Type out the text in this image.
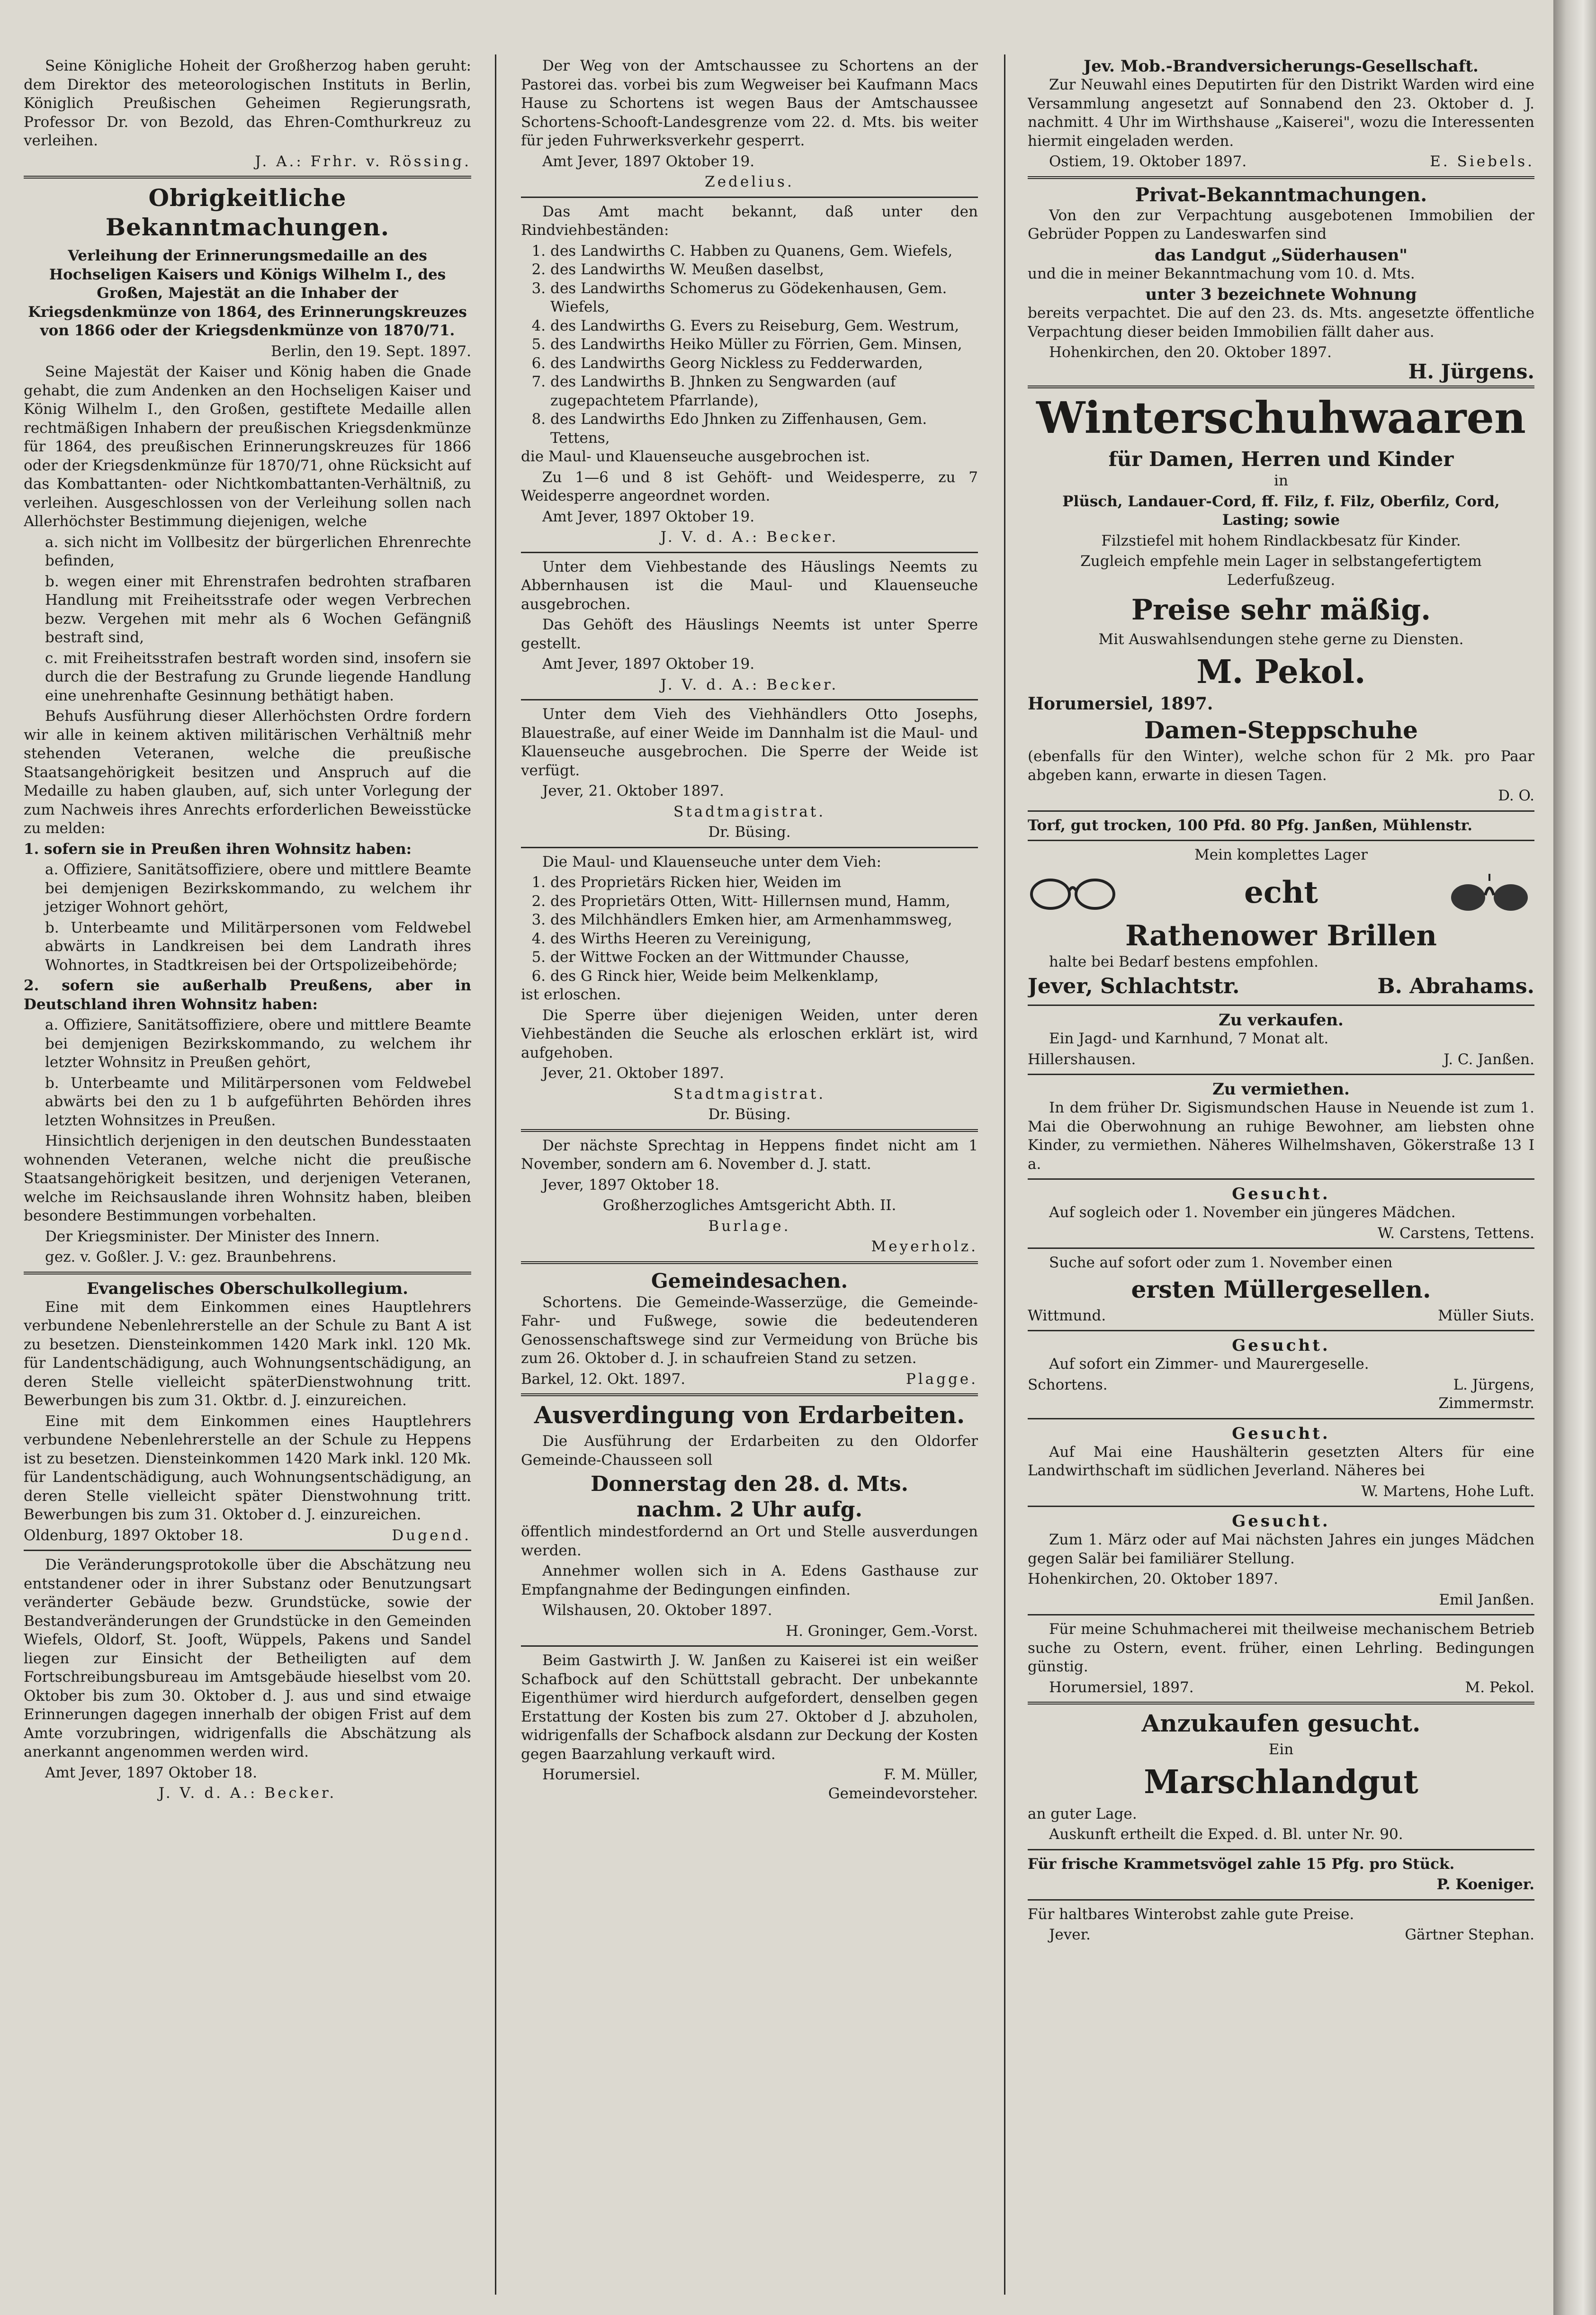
Seine Königliche Hoheit der Großherzog haben geruht: dem Direktor des meteorologischen Instituts in Berlin, Königlich Preußischen Geheimen Regierungsrath, Professor Dr. von Bezold, das Ehren-Comthurkreuz zu verleihen.

J. A.: Frhr. v. Rössing.

Obrigkeitliche Bekanntmachungen.

Verleihung der Erinnerungsmedaille an des Hochseligen Kaisers und Königs Wilhelm I., des Großen, Majestät an die Inhaber der Kriegsdenkmünze von 1864, des Erinnerungskreuzes von 1866 oder der Kriegsdenkmünze von 1870/71.

Berlin, den 19. Sept. 1897.

Seine Majestät der Kaiser und König haben die Gnade gehabt, die zum Andenken an den Hochseligen Kaiser und König Wilhelm I., den Großen, gestiftete Medaille allen rechtmäßigen Inhabern der preußischen Kriegsdenkmünze für 1864, des preußischen Erinnerungskreuzes für 1866 oder der Kriegsdenkmünze für 1870/71, ohne Rücksicht auf das Kombattanten- oder Nichtkombattanten-Verhältniß, zu verleihen. Ausgeschlossen von der Verleihung sollen nach Allerhöchster Bestimmung diejenigen, welche

a. sich nicht im Vollbesitz der bürgerlichen Ehrenrechte befinden,

b. wegen einer mit Ehrenstrafen bedrohten strafbaren Handlung mit Freiheitsstrafe oder wegen Verbrechen bezw. Vergehen mit mehr als 6 Wochen Gefängniß bestraft sind,

c. mit Freiheitsstrafen bestraft worden sind, insofern sie durch die der Bestrafung zu Grunde liegende Handlung eine unehrenhafte Gesinnung bethätigt haben.

Behufs Ausführung dieser Allerhöchsten Ordre fordern wir alle in keinem aktiven militärischen Verhältniß mehr stehenden Veteranen, welche die preußische Staatsangehörigkeit besitzen und Anspruch auf die Medaille zu haben glauben, auf, sich unter Vorlegung der zum Nachweis ihres Anrechts erforderlichen Beweisstücke zu melden:

1. sofern sie in Preußen ihren Wohnsitz haben:

a. Offiziere, Sanitätsoffiziere, obere und mittlere Beamte bei demjenigen Bezirkskommando, zu welchem ihr jetziger Wohnort gehört,

b. Unterbeamte und Militärpersonen vom Feldwebel abwärts in Landkreisen bei dem Landrath ihres Wohnortes, in Stadtkreisen bei der Ortspolizeibehörde;

2. sofern sie außerhalb Preußens, aber in Deutschland ihren Wohnsitz haben:

a. Offiziere, Sanitätsoffiziere, obere und mittlere Beamte bei demjenigen Bezirkskommando, zu welchem ihr letzter Wohnsitz in Preußen gehört,

b. Unterbeamte und Militärpersonen vom Feldwebel abwärts bei den zu 1 b aufgeführten Behörden ihres letzten Wohnsitzes in Preußen.

Hinsichtlich derjenigen in den deutschen Bundesstaaten wohnenden Veteranen, welche nicht die preußische Staatsangehörigkeit besitzen, und derjenigen Veteranen, welche im Reichsauslande ihren Wohnsitz haben, bleiben besondere Bestimmungen vorbehalten.

Der Kriegsminister. Der Minister des Innern.

gez. v. Goßler. J. V.: gez. Braunbehrens.

Evangelisches Oberschulkollegium.

Eine mit dem Einkommen eines Hauptlehrers verbundene Nebenlehrerstelle an der Schule zu Bant A ist zu besetzen. Diensteinkommen 1420 Mark inkl. 120 Mk. für Landentschädigung, auch Wohnungsentschädigung, an deren Stelle vielleicht späterDienstwohnung tritt. Bewerbungen bis zum 31. Oktbr. d. J. einzureichen.

Eine mit dem Einkommen eines Hauptlehrers verbundene Nebenlehrerstelle an der Schule zu Heppens ist zu besetzen. Diensteinkommen 1420 Mark inkl. 120 Mk. für Landentschädigung, auch Wohnungsentschädigung, an deren Stelle vielleicht später Dienstwohnung tritt. Bewerbungen bis zum 31. Oktober d. J. einzureichen.

Oldenburg, 1897 Oktober 18.	Dugend.

Die Veränderungsprotokolle über die Abschätzung neu entstandener oder in ihrer Substanz oder Benutzungsart veränderter Gebäude bezw. Grundstücke, sowie der Bestandveränderungen der Grundstücke in den Gemeinden Wiefels, Oldorf, St. Jooft, Wüppels, Pakens und Sandel liegen zur Einsicht der Betheiligten auf dem Fortschreibungsbureau im Amtsgebäude hieselbst vom 20. Oktober bis zum 30. Oktober d. J. aus und sind etwaige Erinnerungen dagegen innerhalb der obigen Frist auf dem Amte vorzubringen, widrigenfalls die Abschätzung als anerkannt angenommen werden wird.

Amt Jever, 1897 Oktober 18.

J. V. d. A.: Becker.

Der Weg von der Amtschaussee zu Schortens an der Pastorei das. vorbei bis zum Wegweiser bei Kaufmann Macs Hause zu Schortens ist wegen Baus der Amtschaussee Schortens-Schooft-Landesgrenze vom 22. d. Mts. bis weiter für jeden Fuhrwerksverkehr gesperrt.

Amt Jever, 1897 Oktober 19.

Zedelius.

Das Amt macht bekannt, daß unter den Rindviehbeständen:

1. des Landwirths C. Habben zu Quanens, Gem. Wiefels,
2. des Landwirths W. Meußen daselbst,
3. des Landwirths Schomerus zu Gödekenhausen, Gem. Wiefels,
4. des Landwirths G. Evers zu Reiseburg, Gem. Westrum,
5. des Landwirths Heiko Müller zu Förrien, Gem. Minsen,
6. des Landwirths Georg Nickless zu Fedderwarden,
7. des Landwirths B. Jhnken zu Sengwarden (auf zugepachtetem Pfarrlande),
8. des Landwirths Edo Jhnken zu Ziffenhausen, Gem. Tettens,

die Maul- und Klauenseuche ausgebrochen ist.

Zu 1—6 und 8 ist Gehöft- und Weidesperre, zu 7 Weidesperre angeordnet worden.

Amt Jever, 1897 Oktober 19.

J. V. d. A.: Becker.

Unter dem Viehbestande des Häuslings Neemts zu Abbernhausen ist die Maul- und Klauenseuche ausgebrochen.

Das Gehöft des Häuslings Neemts ist unter Sperre gestellt.

Amt Jever, 1897 Oktober 19.

J. V. d. A.: Becker.

Unter dem Vieh des Viehhändlers Otto Josephs, Blauestraße, auf einer Weide im Dannhalm ist die Maul- und Klauenseuche ausgebrochen. Die Sperre der Weide ist verfügt.

Jever, 21. Oktober 1897.

Stadtmagistrat.

Dr. Büsing.

Die Maul- und Klauenseuche unter dem Vieh:

1. des Proprietärs Ricken hier, Weiden im
2. des Proprietärs Otten, Witt- Hillernsen mund, Hamm,
3. des Milchhändlers Emken hier, am Armenhammsweg,
4. des Wirths Heeren zu Vereinigung,
5. der Wittwe Focken an der Wittmunder Chausse,
6. des G Rinck hier, Weide beim Melkenklamp,

ist erloschen.

Die Sperre über diejenigen Weiden, unter deren Viehbeständen die Seuche als erloschen erklärt ist, wird aufgehoben.

Jever, 21. Oktober 1897.

Stadtmagistrat.

Dr. Büsing.

Der nächste Sprechtag in Heppens findet nicht am 1 November, sondern am 6. November d. J. statt.

Jever, 1897 Oktober 18.

Großherzogliches Amtsgericht Abth. II.

Burlage.

Meyerholz.

Gemeindesachen.

Schortens. Die Gemeinde-Wasserzüge, die Gemeinde-Fahr- und Fußwege, sowie die bedeutenderen Genossenschaftswege sind zur Vermeidung von Brüche bis zum 26. Oktober d. J. in schaufreien Stand zu setzen.

Barkel, 12. Okt. 1897.	Plagge.
Ausverdingung von Erdarbeiten.

Die Ausführung der Erdarbeiten zu den Oldorfer Gemeinde-Chausseen soll

Donnerstag den 28. d. Mts.
nachm. 2 Uhr aufg.

öffentlich mindestfordernd an Ort und Stelle ausverdungen werden.

Annehmer wollen sich in A. Edens Gasthause zur Empfangnahme der Bedingungen einfinden.

Wilshausen, 20. Oktober 1897.

H. Groninger, Gem.-Vorst.

Beim Gastwirth J. W. Janßen zu Kaiserei ist ein weißer Schafbock auf den Schüttstall gebracht. Der unbekannte Eigenthümer wird hierdurch aufgefordert, denselben gegen Erstattung der Kosten bis zum 27. Oktober d J. abzuholen, widrigenfalls der Schafbock alsdann zur Deckung der Kosten gegen Baarzahlung verkauft wird.

Horumersiel.	F. M. Müller,

Gemeindevorsteher.

Jev. Mob.-Brandversicherungs-Gesellschaft.

Zur Neuwahl eines Deputirten für den Distrikt Warden wird eine Versammlung angesetzt auf Sonnabend den 23. Oktober d. J. nachmitt. 4 Uhr im Wirthshause „Kaiserei", wozu die Interessenten hiermit eingeladen werden.

Ostiem, 19. Oktober 1897.	E. Siebels.
Privat-Bekanntmachungen.

Von den zur Verpachtung ausgebotenen Immobilien der Gebrüder Poppen zu Landeswarfen sind

das Landgut „Süderhausen"

und die in meiner Bekanntmachung vom 10. d. Mts.

unter 3 bezeichnete Wohnung

bereits verpachtet. Die auf den 23. ds. Mts. angesetzte öffentliche Verpachtung dieser beiden Immobilien fällt daher aus.

Hohenkirchen, den 20. Oktober 1897.

H. Jürgens.

Winterschuhwaaren
für Damen, Herren und Kinder

in

Plüsch, Landauer-Cord, ff. Filz, f. Filz, Oberfilz, Cord, Lasting; sowie

Filzstiefel mit hohem Rindlackbesatz für Kinder.

Zugleich empfehle mein Lager in selbstangefertigtem Lederfußzeug.

Preise sehr mäßig.

Mit Auswahlsendungen stehe gerne zu Diensten.

M. Pekol.

Horumersiel, 1897.

Damen-Steppschuhe

(ebenfalls für den Winter), welche schon für 2 Mk. pro Paar abgeben kann, erwarte in diesen Tagen.

D. O.

Torf, gut trocken, 100 Pfd. 80 Pfg. Janßen, Mühlenstr.

Mein komplettes Lager

echt
Rathenower Brillen

halte bei Bedarf bestens empfohlen.

Jever, Schlachtstr.	B. Abrahams.
Zu verkaufen.

Ein Jagd- und Karnhund, 7 Monat alt.

Hillershausen.	J. C. Janßen.
Zu vermiethen.

In dem früher Dr. Sigismundschen Hause in Neuende ist zum 1. Mai die Oberwohnung an ruhige Bewohner, am liebsten ohne Kinder, zu vermiethen. Näheres Wilhelmshaven, Gökerstraße 13 I a.

Gesucht.

Auf sogleich oder 1. November ein jüngeres Mädchen.

W. Carstens, Tettens.

Suche auf sofort oder zum 1. November einen

ersten Müllergesellen.
Wittmund.	Müller Siuts.
Gesucht.

Auf sofort ein Zimmer- und Maurergeselle.

Schortens.	L. Jürgens,

Zimmermstr.

Gesucht.

Auf Mai eine Haushälterin gesetzten Alters für eine Landwirthschaft im südlichen Jeverland. Näheres bei

W. Martens, Hohe Luft.

Gesucht.

Zum 1. März oder auf Mai nächsten Jahres ein junges Mädchen gegen Salär bei familiärer Stellung.

Hohenkirchen, 20. Oktober 1897.

Emil Janßen.

Für meine Schuhmacherei mit theilweise mechanischem Betrieb suche zu Ostern, event. früher, einen Lehrling. Bedingungen günstig.

Horumersiel, 1897.	M. Pekol.
Anzukaufen gesucht.

Ein

Marschlandgut

an guter Lage.

Auskunft ertheilt die Exped. d. Bl. unter Nr. 90.

Für frische Krammetsvögel zahle 15 Pfg. pro Stück.

P. Koeniger.

Für haltbares Winterobst zahle gute Preise.

Jever.	Gärtner Stephan.
